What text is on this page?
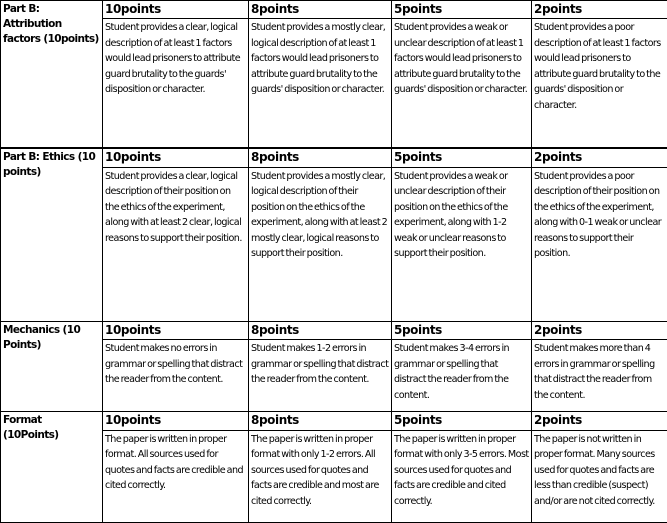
Part B: Attribution factors (10points)	10points	8points	5points	2points
	Student provides a clear, logical description of at least 1 factors would lead prisoners to attribute guard brutality to the guards' disposition or character.	Student provides a mostly clear, logical description of at least 1 factors would lead prisoners to attribute guard brutality to the guards' disposition or character.	Student provides a weak or unclear description of at least 1 factors would lead prisoners to attribute guard brutality to the guards' disposition or character.	Student provides a poor description of at least 1 factors would lead prisoners to attribute guard brutality to the guards' disposition or character.
Part B: Ethics (10 points)	10points	8points	5points	2points
	Student provides a clear, logical description of their position on the ethics of the experiment, along with at least 2 clear, logical reasons to support their position.	Student provides a mostly clear, logical description of their position on the ethics of the experiment, along with at least 2 mostly clear, logical reasons to support their position.	Student provides a weak or unclear description of their position on the ethics of the experiment, along with 1-2 weak or unclear reasons to support their position.	Student provides a poor description of their position on the ethics of the experiment, along with 0-1 weak or unclear reasons to support their position.
Mechanics (10 Points)	10points	8points	5points	2points
	Student makes no errors in grammar or spelling that distract the reader from the content.	Student makes 1-2 errors in grammar or spelling that distract the reader from the content.	Student makes 3-4 errors in grammar or spelling that distract the reader from the content.	Student makes more than 4 errors in grammar or spelling that distract the reader from the content.
Format (10Points)	10points	8points	5points	2points
	The paper is written in proper format. All sources used for quotes and facts are credible and cited correctly.	The paper is written in proper format with only 1-2 errors. All sources used for quotes and facts are credible and most are cited correctly.	The paper is written in proper format with only 3-5 errors. Most sources used for quotes and facts are credible and cited correctly.	The paper is not written in proper format. Many sources used for quotes and facts are less than credible (suspect) and/or are not cited correctly.
